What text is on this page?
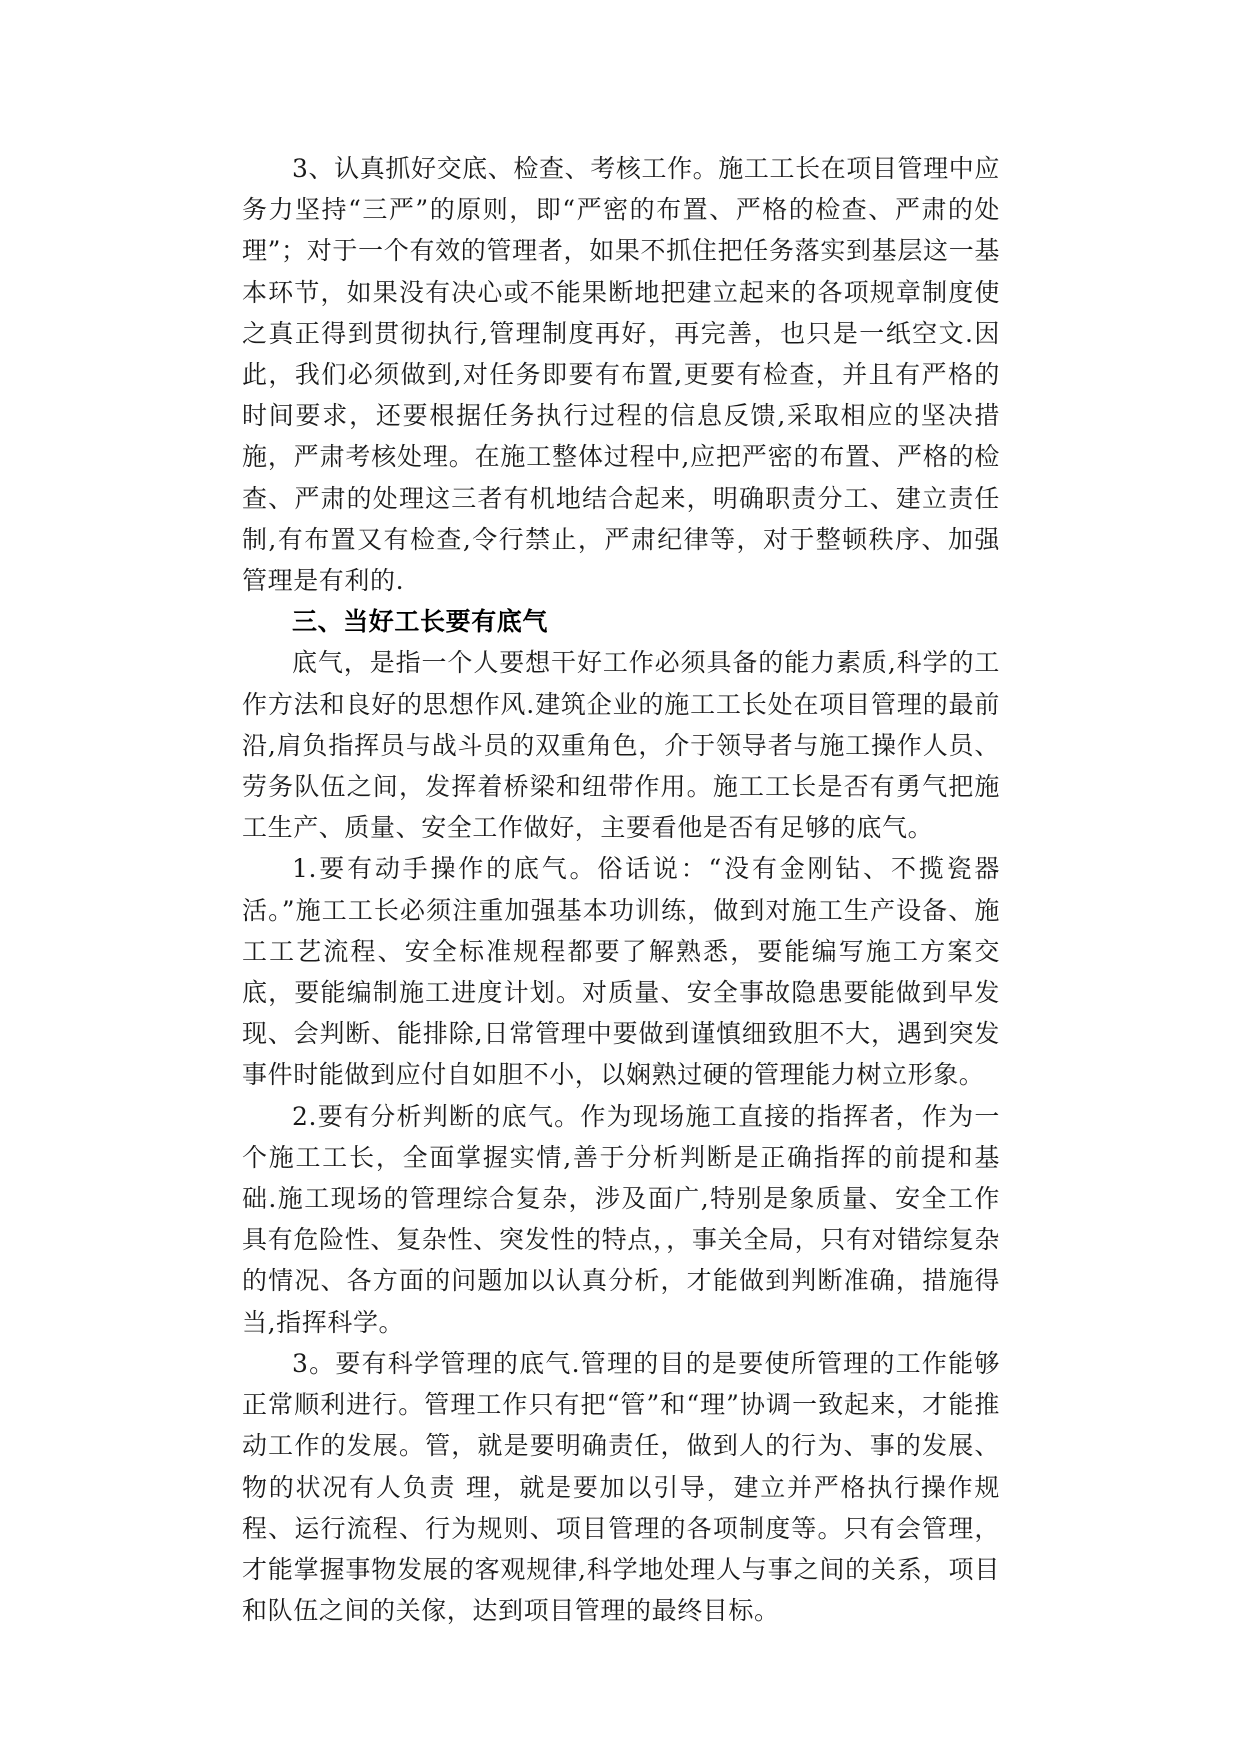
3、认真抓好交底、检查、考核工作。施工工长在项目管理中应务力坚持“三严”的原则，即“严密的布置、严格的检查、严肃的处理”；对于一个有效的管理者，如果不抓住把任务落实到基层这一基本环节，如果没有决心或不能果断地把建立起来的各项规章制度使之真正得到贯彻执行,管理制度再好，再完善，也只是一纸空文.因此，我们必须做到,对任务即要有布置,更要有检查，并且有严格的时间要求，还要根据任务执行过程的信息反馈,采取相应的坚决措施，严肃考核处理。在施工整体过程中,应把严密的布置、严格的检查、严肃的处理这三者有机地结合起来，明确职责分工、建立责任制,有布置又有检查,令行禁止，严肃纪律等，对于整顿秩序、加强管理是有利的.

三、当好工长要有底气

底气，是指一个人要想干好工作必须具备的能力素质,科学的工作方法和良好的思想作风.建筑企业的施工工长处在项目管理的最前沿,肩负指挥员与战斗员的双重角色，介于领导者与施工操作人员、劳务队伍之间，发挥着桥梁和纽带作用。施工工长是否有勇气把施工生产、质量、安全工作做好，主要看他是否有足够的底气。

1.要有动手操作的底气。俗话说：“没有金刚钻、不揽瓷器活。”施工工长必须注重加强基本功训练，做到对施工生产设备、施工工艺流程、安全标准规程都要了解熟悉，要能编写施工方案交底，要能编制施工进度计划。对质量、安全事故隐患要能做到早发现、会判断、能排除,日常管理中要做到谨慎细致胆不大，遇到突发事件时能做到应付自如胆不小，以娴熟过硬的管理能力树立形象。

2.要有分析判断的底气。作为现场施工直接的指挥者，作为一个施工工长，全面掌握实情,善于分析判断是正确指挥的前提和基础.施工现场的管理综合复杂，涉及面广,特别是象质量、安全工作具有危险性、复杂性、突发性的特点，，事关全局，只有对错综复杂的情况、各方面的问题加以认真分析，才能做到判断准确，措施得当,指挥科学。

3。要有科学管理的底气.管理的目的是要使所管理的工作能够正常顺利进行。管理工作只有把“管”和“理”协调一致起来，才能推动工作的发展。管，就是要明确责任，做到人的行为、事的发展、物的状况有人负责 理，就是要加以引导，建立并严格执行操作规程、运行流程、行为规则、项目管理的各项制度等。只有会管理，才能掌握事物发展的客观规律,科学地处理人与事之间的关系，项目和队伍之间的关傢，达到项目管理的最终目标。
